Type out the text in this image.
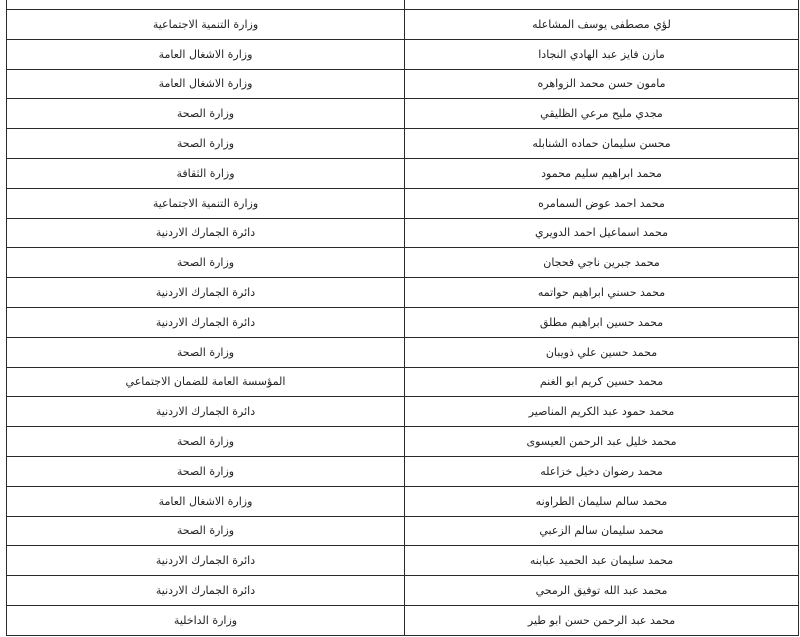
لؤي مصطفى يوسف المشاعله	وزارة التنمية الاجتماعية
مازن فايز عبد الهادي النجادا	وزارة الاشغال العامة
مامون حسن محمد الزواهره	وزارة الاشغال العامة
مجدي مليح مرعي الظليقي	وزارة الصحة
محسن سليمان حماده الشنابله	وزارة الصحة
محمد ابراهيم سليم محمود	وزارة الثقافة
محمد احمد عوض السمامره	وزارة التنمية الاجتماعية
محمد اسماعيل احمد الدويري	دائرة الجمارك الاردنية
محمد جبرين ناجي فحجان	وزارة الصحة
محمد حسني ابراهيم حواتمه	دائرة الجمارك الاردنية
محمد حسين ابراهيم مطلق	دائرة الجمارك الاردنية
محمد حسين علي ذويبان	وزارة الصحة
محمد حسين كريم ابو الغنم	المؤسسة العامة للضمان الاجتماعي
محمد حمود عبد الكريم المناصير	دائرة الجمارك الاردنية
محمد خليل عبد الرحمن العيسوى	وزارة الصحة
محمد رضوان دخيل خزاعله	وزارة الصحة
محمد سالم سليمان الطراونه	وزارة الاشغال العامة
محمد سليمان سالم الزعبي	وزارة الصحة
محمد سليمان عبد الحميد عبابنه	دائرة الجمارك الاردنية
محمد عبد الله توفيق الرمحي	دائرة الجمارك الاردنية
محمد عبد الرحمن حسن ابو طير	وزارة الداخلية
